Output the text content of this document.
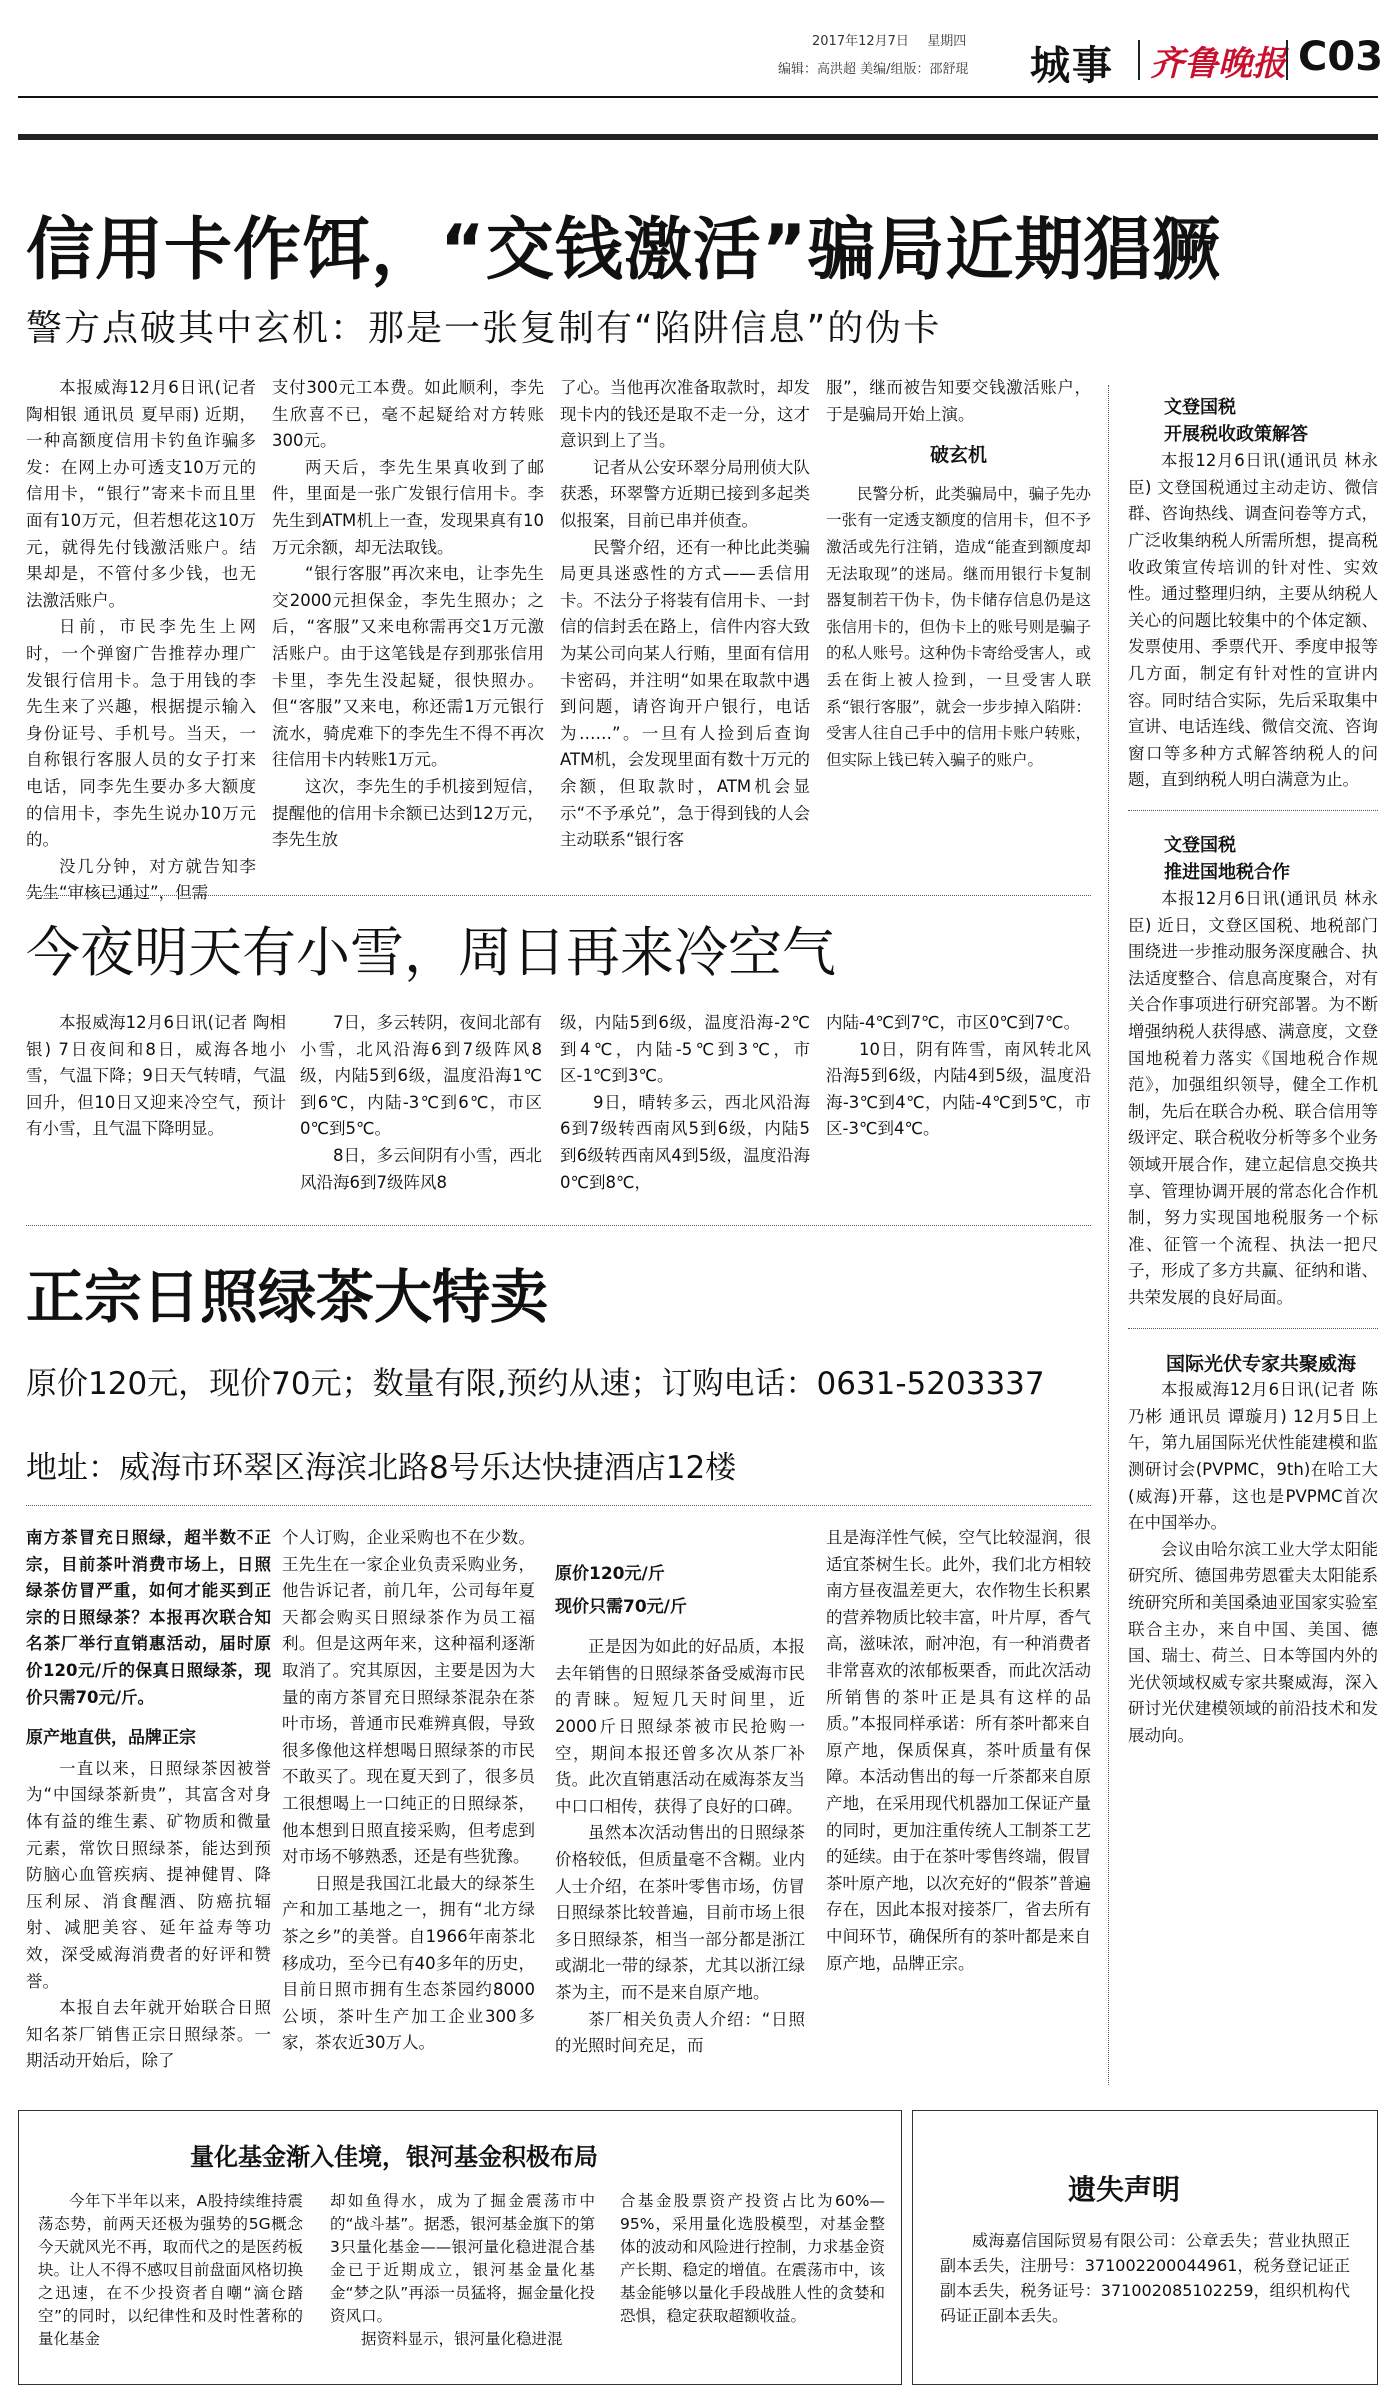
2017年12月7日 星期四
编辑：高洪超 美编/组版：邵舒琨 城事 齐鲁晚报 C03
信用卡作饵，“交钱激活”骗局近期猖獗
警方点破其中玄机：那是一张复制有“陷阱信息”的伪卡

本报威海12月6日讯(记者 陶相银 通讯员 夏早雨) 近期，一种高额度信用卡钓鱼诈骗多发：在网上办可透支10万元的信用卡，“银行”寄来卡而且里面有10万元，但若想花这10万元，就得先付钱激活账户。结果却是，不管付多少钱，也无法激活账户。

日前，市民李先生上网时，一个弹窗广告推荐办理广发银行信用卡。急于用钱的李先生来了兴趣，根据提示输入身份证号、手机号。当天，一自称银行客服人员的女子打来电话，同李先生要办多大额度的信用卡，李先生说办10万元的。

没几分钟，对方就告知李先生“审核已通过”，但需

支付300元工本费。如此顺利，李先生欣喜不已，毫不起疑给对方转账300元。

两天后，李先生果真收到了邮件，里面是一张广发银行信用卡。李先生到ATM机上一查，发现果真有10万元余额，却无法取钱。

“银行客服”再次来电，让李先生交2000元担保金，李先生照办；之后，“客服”又来电称需再交1万元激活账户。由于这笔钱是存到那张信用卡里，李先生没起疑，很快照办。但“客服”又来电，称还需1万元银行流水，骑虎难下的李先生不得不再次往信用卡内转账1万元。

这次，李先生的手机接到短信，提醒他的信用卡余额已达到12万元，李先生放

了心。当他再次准备取款时，却发现卡内的钱还是取不走一分，这才意识到上了当。

记者从公安环翠分局刑侦大队获悉，环翠警方近期已接到多起类似报案，目前已串并侦查。

民警介绍，还有一种比此类骗局更具迷惑性的方式——丢信用卡。不法分子将装有信用卡、一封信的信封丢在路上，信件内容大致为某公司向某人行贿，里面有信用卡密码，并注明“如果在取款中遇到问题，请咨询开户银行，电话为……”。一旦有人捡到后查询ATM机，会发现里面有数十万元的余额，但取款时，ATM机会显示“不予承兑”，急于得到钱的人会主动联系“银行客

服”，继而被告知要交钱激活账户，于是骗局开始上演。

破玄机

民警分析，此类骗局中，骗子先办一张有一定透支额度的信用卡，但不予激活或先行注销，造成“能查到额度却无法取现”的迷局。继而用银行卡复制器复制若干伪卡，伪卡储存信息仍是这张信用卡的，但伪卡上的账号则是骗子的私人账号。这种伪卡寄给受害人，或丢在街上被人捡到，一旦受害人联系“银行客服”，就会一步步掉入陷阱：受害人往自己手中的信用卡账户转账，但实际上钱已转入骗子的账户。

今夜明天有小雪，周日再来冷空气

本报威海12月6日讯(记者 陶相银) 7日夜间和8日，威海各地小雪，气温下降；9日天气转晴，气温回升，但10日又迎来冷空气，预计有小雪，且气温下降明显。

7日，多云转阴，夜间北部有小雪，北风沿海6到7级阵风8级，内陆5到6级，温度沿海1℃到6℃，内陆-3℃到6℃，市区0℃到5℃。

8日，多云间阴有小雪，西北风沿海6到7级阵风8

级，内陆5到6级，温度沿海-2℃到4℃，内陆-5℃到3℃，市区-1℃到3℃。

9日，晴转多云，西北风沿海6到7级转西南风5到6级，内陆5到6级转西南风4到5级，温度沿海0℃到8℃，

内陆-4℃到7℃，市区0℃到7℃。

10日，阴有阵雪，南风转北风沿海5到6级，内陆4到5级，温度沿海-3℃到4℃，内陆-4℃到5℃，市区-3℃到4℃。

正宗日照绿茶大特卖
原价120元，现价70元；数量有限,预约从速；订购电话：0631-5203337
地址：威海市环翠区海滨北路8号乐达快捷酒店12楼

南方茶冒充日照绿，超半数不正宗，目前茶叶消费市场上，日照绿茶仿冒严重，如何才能买到正宗的日照绿茶？本报再次联合知名茶厂举行直销惠活动，届时原价120元/斤的保真日照绿茶，现价只需70元/斤。

原产地直供，品牌正宗

一直以来，日照绿茶因被誉为“中国绿茶新贵”，其富含对身体有益的维生素、矿物质和微量元素，常饮日照绿茶，能达到预防脑心血管疾病、提神健胃、降压利尿、消食醒酒、防癌抗辐射、减肥美容、延年益寿等功效，深受威海消费者的好评和赞誉。

本报自去年就开始联合日照知名茶厂销售正宗日照绿茶。一期活动开始后，除了

个人订购，企业采购也不在少数。王先生在一家企业负责采购业务，他告诉记者，前几年，公司每年夏天都会购买日照绿茶作为员工福利。但是这两年来，这种福利逐渐取消了。究其原因，主要是因为大量的南方茶冒充日照绿茶混杂在茶叶市场，普通市民难辨真假，导致很多像他这样想喝日照绿茶的市民不敢买了。现在夏天到了，很多员工很想喝上一口纯正的日照绿茶，他本想到日照直接采购，但考虑到对市场不够熟悉，还是有些犹豫。

日照是我国江北最大的绿茶生产和加工基地之一，拥有“北方绿茶之乡”的美誉。自1966年南茶北移成功，至今已有40多年的历史，目前日照市拥有生态茶园约8000公顷，茶叶生产加工企业300多家，茶农近30万人。

原价120元/斤

现价只需70元/斤

正是因为如此的好品质，本报去年销售的日照绿茶备受威海市民的青睐。短短几天时间里，近2000斤日照绿茶被市民抢购一空，期间本报还曾多次从茶厂补货。此次直销惠活动在威海茶友当中口口相传，获得了良好的口碑。

虽然本次活动售出的日照绿茶价格较低，但质量毫不含糊。业内人士介绍，在茶叶零售市场，仿冒日照绿茶比较普遍，目前市场上很多日照绿茶，相当一部分都是浙江或湖北一带的绿茶，尤其以浙江绿茶为主，而不是来自原产地。

茶厂相关负责人介绍：“日照的光照时间充足，而

且是海洋性气候，空气比较湿润，很适宜茶树生长。此外，我们北方相较南方昼夜温差更大，农作物生长积累的营养物质比较丰富，叶片厚，香气高，滋味浓，耐冲泡，有一种消费者非常喜欢的浓郁板栗香，而此次活动所销售的茶叶正是具有这样的品质。”本报同样承诺：所有茶叶都来自原产地，保质保真，茶叶质量有保障。本活动售出的每一斤茶都来自原产地，在采用现代机器加工保证产量的同时，更加注重传统人工制茶工艺的延续。由于在茶叶零售终端，假冒茶叶原产地，以次充好的“假茶”普遍存在，因此本报对接茶厂，省去所有中间环节，确保所有的茶叶都是来自原产地，品牌正宗。

文登国税

开展税收政策解答

本报12月6日讯(通讯员 林永臣) 文登国税通过主动走访、微信群、咨询热线、调查问卷等方式，广泛收集纳税人所需所想，提高税收政策宣传培训的针对性、实效性。通过整理归纳，主要从纳税人关心的问题比较集中的个体定额、发票使用、季票代开、季度申报等几方面，制定有针对性的宣讲内容。同时结合实际，先后采取集中宣讲、电话连线、微信交流、咨询窗口等多种方式解答纳税人的问题，直到纳税人明白满意为止。

文登国税

推进国地税合作

本报12月6日讯(通讯员 林永臣) 近日，文登区国税、地税部门围绕进一步推动服务深度融合、执法适度整合、信息高度聚合，对有关合作事项进行研究部署。为不断增强纳税人获得感、满意度，文登国地税着力落实《国地税合作规范》，加强组织领导，健全工作机制，先后在联合办税、联合信用等级评定、联合税收分析等多个业务领域开展合作，建立起信息交换共享、管理协调开展的常态化合作机制，努力实现国地税服务一个标准、征管一个流程、执法一把尺子，形成了多方共赢、征纳和谐、共荣发展的良好局面。

国际光伏专家共聚威海

本报威海12月6日讯(记者 陈乃彬 通讯员 谭璇月) 12月5日上午，第九届国际光伏性能建模和监测研讨会(PVPMC，9th)在哈工大(威海)开幕，这也是PVPMC首次在中国举办。

会议由哈尔滨工业大学太阳能研究所、德国弗劳恩霍夫太阳能系统研究所和美国桑迪亚国家实验室联合主办，来自中国、美国、德国、瑞士、荷兰、日本等国内外的光伏领域权威专家共聚威海，深入研讨光伏建模领域的前沿技术和发展动向。

量化基金渐入佳境，银河基金积极布局

今年下半年以来，A股持续维持震荡态势，前两天还极为强势的5G概念今天就风光不再，取而代之的是医药板块。让人不得不感叹目前盘面风格切换之迅速，在不少投资者自嘲“滴仓踏空”的同时，以纪律性和及时性著称的量化基金

却如鱼得水，成为了掘金震荡市中的“战斗基”。据悉，银河基金旗下的第3只量化基金——银河量化稳进混合基金已于近期成立，银河基金量化基金“梦之队”再添一员猛将，掘金量化投资风口。

据资料显示，银河量化稳进混

合基金股票资产投资占比为60%—95%，采用量化选股模型，对基金整体的波动和风险进行控制，力求基金资产长期、稳定的增值。在震荡市中，该基金能够以量化手段战胜人性的贪婪和恐惧，稳定获取超额收益。

遗失声明

威海嘉信国际贸易有限公司：公章丢失；营业执照正副本丢失，注册号：371002200044961，税务登记证正副本丢失，税务证号：371002085102259，组织机构代码证正副本丢失。
